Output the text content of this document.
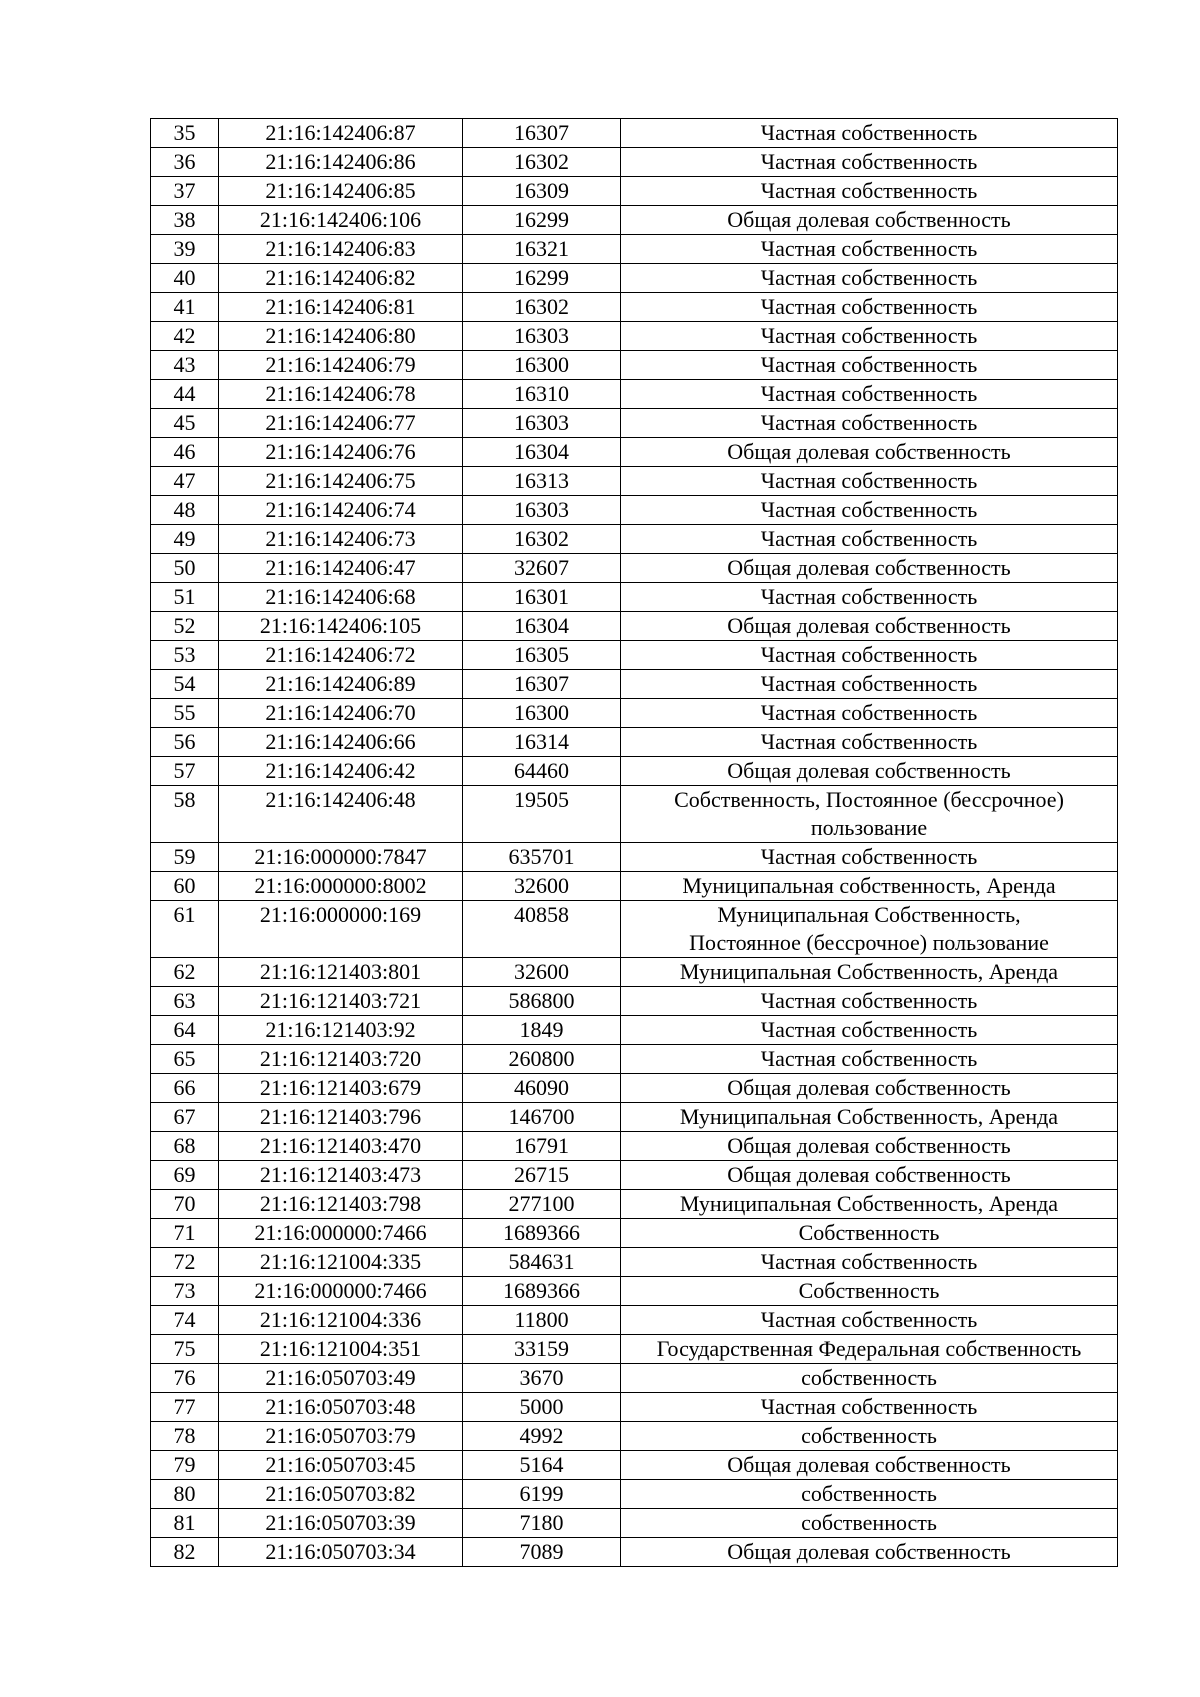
35	21:16:142406:87	16307	Частная собственность

36	21:16:142406:86	16302	Частная собственность

37	21:16:142406:85	16309	Частная собственность

38	21:16:142406:106	16299	Общая долевая собственность

39	21:16:142406:83	16321	Частная собственность

40	21:16:142406:82	16299	Частная собственность

41	21:16:142406:81	16302	Частная собственность

42	21:16:142406:80	16303	Частная собственность

43	21:16:142406:79	16300	Частная собственность

44	21:16:142406:78	16310	Частная собственность

45	21:16:142406:77	16303	Частная собственность

46	21:16:142406:76	16304	Общая долевая собственность

47	21:16:142406:75	16313	Частная собственность

48	21:16:142406:74	16303	Частная собственность

49	21:16:142406:73	16302	Частная собственность

50	21:16:142406:47	32607	Общая долевая собственность

51	21:16:142406:68	16301	Частная собственность

52	21:16:142406:105	16304	Общая долевая собственность

53	21:16:142406:72	16305	Частная собственность

54	21:16:142406:89	16307	Частная собственность

55	21:16:142406:70	16300	Частная собственность

56	21:16:142406:66	16314	Частная собственность

57	21:16:142406:42	64460	Общая долевая собственность

58	21:16:142406:48	19505	Собственность, Постоянное (бессрочное)
пользование

59	21:16:000000:7847	635701	Частная собственность

60	21:16:000000:8002	32600	Муниципальная собственность, Аренда

61	21:16:000000:169	40858	Муниципальная Собственность,
Постоянное (бессрочное) пользование

62	21:16:121403:801	32600	Муниципальная Собственность, Аренда

63	21:16:121403:721	586800	Частная собственность

64	21:16:121403:92	1849	Частная собственность

65	21:16:121403:720	260800	Частная собственность

66	21:16:121403:679	46090	Общая долевая собственность

67	21:16:121403:796	146700	Муниципальная Собственность, Аренда

68	21:16:121403:470	16791	Общая долевая собственность

69	21:16:121403:473	26715	Общая долевая собственность

70	21:16:121403:798	277100	Муниципальная Собственность, Аренда

71	21:16:000000:7466	1689366	Собственность

72	21:16:121004:335	584631	Частная собственность

73	21:16:000000:7466	1689366	Собственность

74	21:16:121004:336	11800	Частная собственность

75	21:16:121004:351	33159	Государственная Федеральная собственность

76	21:16:050703:49	3670	собственность

77	21:16:050703:48	5000	Частная собственность

78	21:16:050703:79	4992	собственность

79	21:16:050703:45	5164	Общая долевая собственность

80	21:16:050703:82	6199	собственность

81	21:16:050703:39	7180	собственность

82	21:16:050703:34	7089	Общая долевая собственность
